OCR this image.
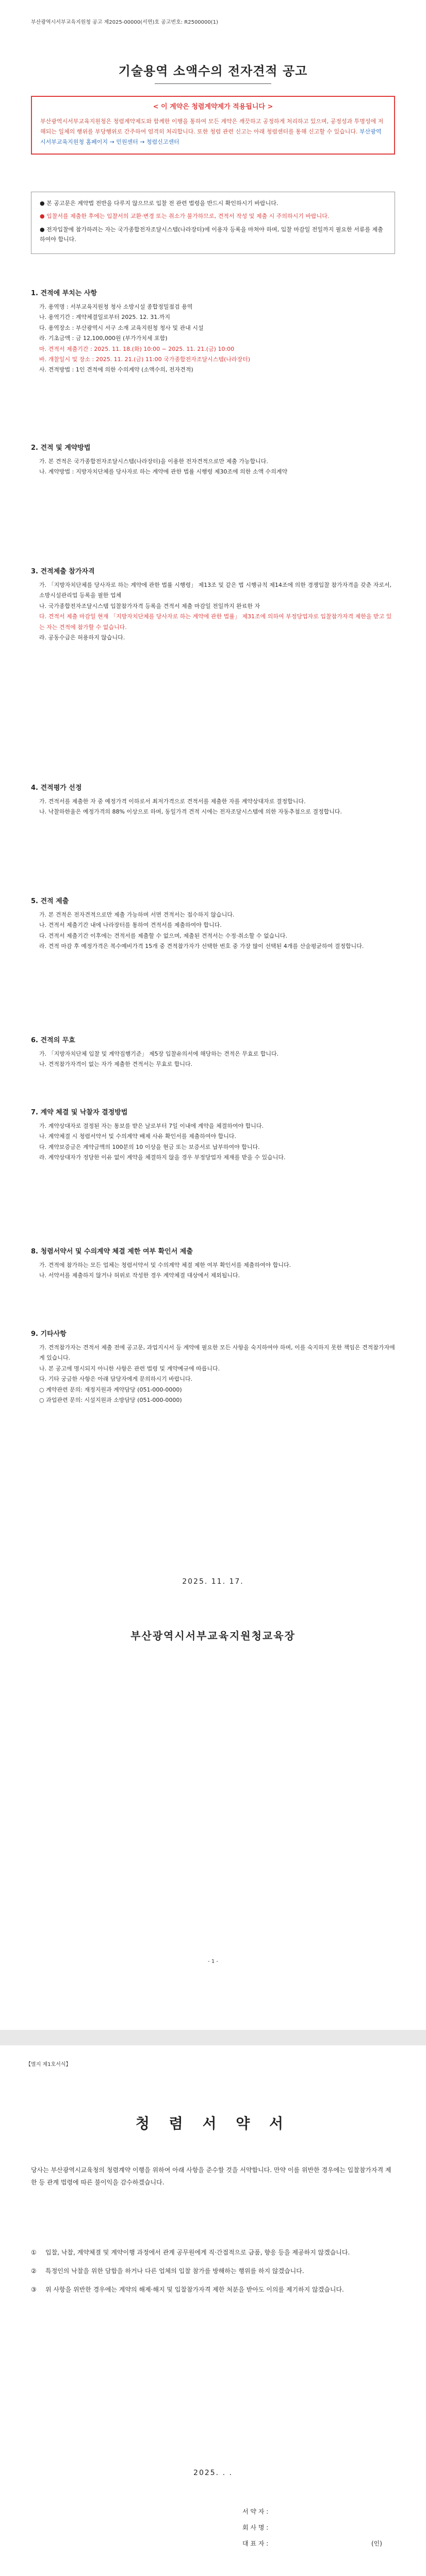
부산광역시서부교육지원청 공고 제2025-00000(서면)호 공고번호: R2500000(1)
기술용역 소액수의 전자견적 공고
< 이 계약은 청렴계약제가 적용됩니다 >
부산광역시서부교육지원청은 청렴계약제도와 함께한 이행을 통하여 모든 계약은 깨끗하고 공정하게 처리하고 있으며, 공정성과 투명성에 저해되는 일체의 행위를 부당행위로 간주하여 엄격히 처리합니다. 또한 청렴 관련 신고는 아래 청렴센터를 통해 신고할 수 있습니다. 부산광역시서부교육지원청 홈페이지 → 민원센터 → 청렴신고센터

● 본 공고문은 계약법 전반을 다루지 않으므로 입찰 전 관련 법령을 반드시 확인하시기 바랍니다.

● 입찰서를 제출한 후에는 입찰서의 교환·변경 또는 취소가 불가하므로, 견적서 작성 및 제출 시 주의하시기 바랍니다.

● 전자입찰에 참가하려는 자는 국가종합전자조달시스템(나라장터)에 이용자 등록을 마쳐야 하며, 입찰 마감일 전일까지 필요한 서류를 제출하여야 합니다.

1. 견적에 부치는 사항
가. 용역명 : 서부교육지원청 청사 소방시설 종합정밀점검 용역
나. 용역기간 : 계약체결일로부터 2025. 12. 31.까지
다. 용역장소 : 부산광역시 서구 소재 교육지원청 청사 및 관내 시설
라. 기초금액 : 금 12,100,000원 (부가가치세 포함)
마. 견적서 제출기간 : 2025. 11. 18.(화) 10:00 ~ 2025. 11. 21.(금) 10:00
바. 개찰일시 및 장소 : 2025. 11. 21.(금) 11:00 국가종합전자조달시스템(나라장터)
사. 견적방법 : 1인 견적에 의한 수의계약 (소액수의, 전자견적)
2. 견적 및 계약방법
가. 본 견적은 국가종합전자조달시스템(나라장터)을 이용한 전자견적으로만 제출 가능합니다.
나. 계약방법 : 지방자치단체를 당사자로 하는 계약에 관한 법률 시행령 제30조에 의한 소액 수의계약
3. 견적제출 참가자격
가. 「지방자치단체를 당사자로 하는 계약에 관한 법률 시행령」 제13조 및 같은 법 시행규칙 제14조에 의한 경쟁입찰 참가자격을 갖춘 자로서, 소방시설관리업 등록을 필한 업체
나. 국가종합전자조달시스템 입찰참가자격 등록을 견적서 제출 마감일 전일까지 완료한 자
다. 견적서 제출 마감일 현재 「지방자치단체를 당사자로 하는 계약에 관한 법률」 제31조에 의하여 부정당업자로 입찰참가자격 제한을 받고 있는 자는 견적에 참가할 수 없습니다.
라. 공동수급은 허용하지 않습니다.
4. 견적평가 선정
가. 견적서를 제출한 자 중 예정가격 이하로서 최저가격으로 견적서를 제출한 자를 계약상대자로 결정합니다.
나. 낙찰하한율은 예정가격의 88% 이상으로 하며, 동일가격 견적 시에는 전자조달시스템에 의한 자동추첨으로 결정합니다.
5. 견적 제출
가. 본 견적은 전자견적으로만 제출 가능하며 서면 견적서는 접수하지 않습니다.
나. 견적서 제출기간 내에 나라장터를 통하여 견적서를 제출하여야 합니다.
다. 견적서 제출기간 이후에는 견적서를 제출할 수 없으며, 제출된 견적서는 수정·취소할 수 없습니다.
라. 견적 마감 후 예정가격은 복수예비가격 15개 중 견적참가자가 선택한 번호 중 가장 많이 선택된 4개를 산술평균하여 결정합니다.
6. 견적의 무효
가. 「지방자치단체 입찰 및 계약집행기준」 제5장 입찰유의서에 해당하는 견적은 무효로 합니다.
나. 견적참가자격이 없는 자가 제출한 견적서는 무효로 합니다.
7. 계약 체결 및 낙찰자 결정방법
가. 계약상대자로 결정된 자는 통보를 받은 날로부터 7일 이내에 계약을 체결하여야 합니다.
나. 계약체결 시 청렴서약서 및 수의계약 배제 사유 확인서를 제출하여야 합니다.
다. 계약보증금은 계약금액의 100분의 10 이상을 현금 또는 보증서로 납부하여야 합니다.
라. 계약상대자가 정당한 이유 없이 계약을 체결하지 않을 경우 부정당업자 제재를 받을 수 있습니다.
8. 청렴서약서 및 수의계약 체결 제한 여부 확인서 제출
가. 견적에 참가하는 모든 업체는 청렴서약서 및 수의계약 체결 제한 여부 확인서를 제출하여야 합니다.
나. 서약서를 제출하지 않거나 허위로 작성한 경우 계약체결 대상에서 제외됩니다.
9. 기타사항
가. 견적참가자는 견적서 제출 전에 공고문, 과업지시서 등 계약에 필요한 모든 사항을 숙지하여야 하며, 이를 숙지하지 못한 책임은 견적참가자에게 있습니다.
나. 본 공고에 명시되지 아니한 사항은 관련 법령 및 계약예규에 따릅니다.
다. 기타 궁금한 사항은 아래 담당자에게 문의하시기 바랍니다.
○ 계약관련 문의: 재정지원과 계약담당 (051-000-0000)
○ 과업관련 문의: 시설지원과 소방담당 (051-000-0000)
2025. 11. 17.
부산광역시서부교육지원청교육장
- 1 -
【별지 제1호서식】
청 렴 서 약 서
당사는 부산광역시교육청의 청렴계약 이행을 위하여 아래 사항을 준수할 것을 서약합니다. 만약 이를 위반한 경우에는 입찰참가자격 제한 등 관계 법령에 따른 불이익을 감수하겠습니다.
①	입찰, 낙찰, 계약체결 및 계약이행 과정에서 관계 공무원에게 직·간접적으로 금품, 향응 등을 제공하지 않겠습니다.
②	특정인의 낙찰을 위한 담합을 하거나 다른 업체의 입찰 참가를 방해하는 행위를 하지 않겠습니다.
③	위 사항을 위반한 경우에는 계약의 해제·해지 및 입찰참가자격 제한 처분을 받아도 이의를 제기하지 않겠습니다.
2025. . .
서 약 자 :
회 사 명 :
대 표 자 :	(인)
